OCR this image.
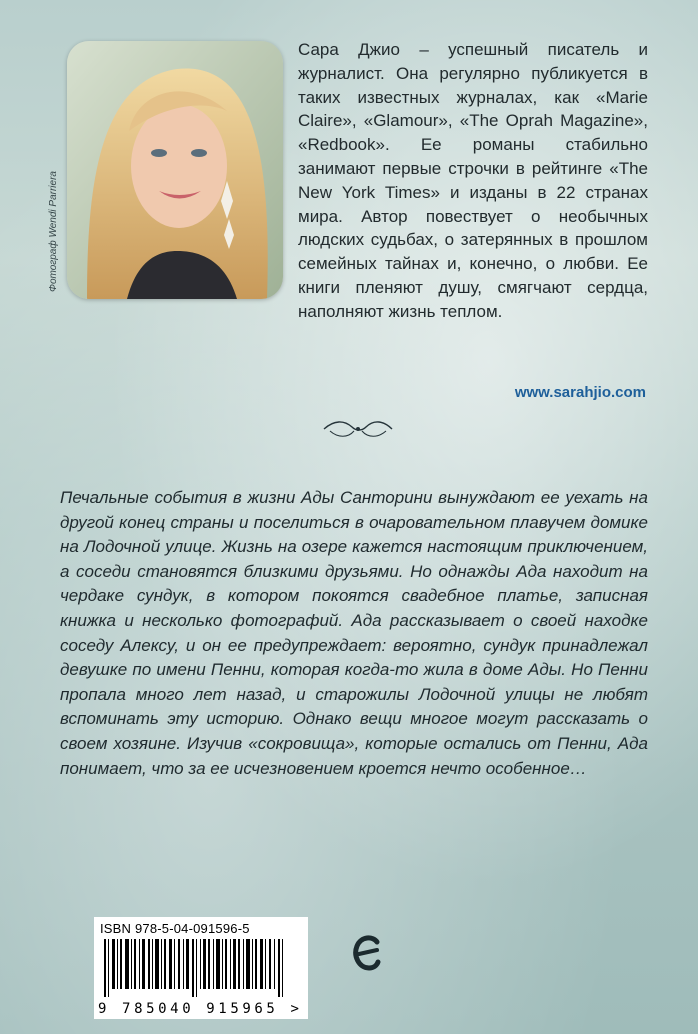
Фотограф Wendi Parriera

Сара Джио – успешный писатель и журналист. Она регулярно публикуется в таких известных журналах, как «Marie Claire», «Glamour», «The Oprah Magazine», «Redbook». Ее романы стабильно занимают первые строчки в рейтинге «The New York Times» и изданы в 22 странах мира. Автор повествует о необычных людских судьбах, о затерянных в прошлом семейных тайнах и, конечно, о любви. Ее книги пленяют душу, смягчают сердца, наполняют жизнь теплом.

www.sarahjio.com

Печальные события в жизни Ады Санторини вынуждают ее уехать на другой конец страны и поселиться в очаровательном плавучем домике на Лодочной улице. Жизнь на озере кажется настоящим приключением, а соседи становятся близкими друзьями. Но однажды Ада находит на чердаке сундук, в котором покоятся свадебное платье, записная книжка и несколько фотографий. Ада рассказывает о своей находке соседу Алексу, и он ее предупреждает: вероятно, сундук принадлежал девушке по имени Пенни, которая когда-то жила в доме Ады. Но Пенни пропала много лет назад, и старожилы Лодочной улицы не любят вспоминать эту историю. Однако вещи многое могут рассказать о своем хозяине. Изучив «сокровища», которые остались от Пенни, Ада понимает, что за ее исчезновением кроется нечто особенное…

ISBN 978-5-04-091596-5
9 785040 915965 >
